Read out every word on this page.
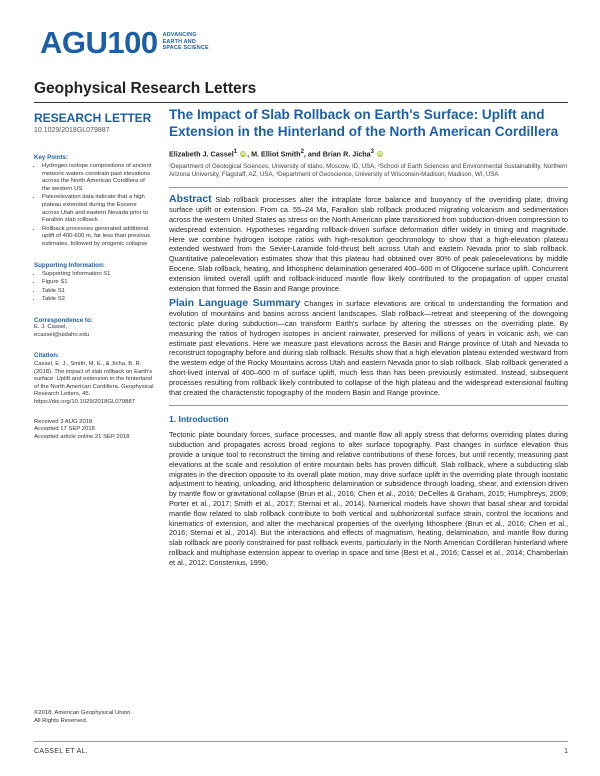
AGU100 ADVANCING
EARTH AND
SPACE SCIENCE
Geophysical Research Letters
RESEARCH LETTER
10.1029/2018GL079887
Key Points:
• Hydrogen isotope compositions of ancient meteoric waters constrain past elevations across the North American Cordillera of the western US
• Paleoelevation data indicate that a high plateau extended during the Eocene across Utah and eastern Nevada prior to Farallon slab rollback
• Rollback processes generated additional uplift of 400-600 m, far less than previous estimates, followed by orogenic collapse
Supporting Information:
• Supporting Information S1
• Figure S1
• Table S1
• Table S2
Correspondence to:
E. J. Cassel,
ecassel@uidaho.edu
Citation:
Cassel, E. J., Smith, M. E., & Jicha, B. R. (2018). The impact of slab rollback on Earth's surface: Uplift and extension in the hinterland of the North American Cordillera. Geophysical Research Letters, 45. https://doi.org/10.1029/2018GL079887
Received 3 AUG 2018
Accepted 17 SEP 2018
Accepted article online 21 SEP 2018
©2018. American Geophysical Union.
All Rights Reserved.
The Impact of Slab Rollback on Earth's Surface: Uplift and Extension in the Hinterland of the North American Cordillera
Elizabeth J. Cassel$^1$ iD , M. Elliot Smith$^2$, and Brian R. Jicha$^3$ iD
¹Department of Geological Sciences, University of Idaho, Moscow, ID, USA, ²School of Earth Sciences and Environmental Sustainability, Northern Arizona University, Flagstaff, AZ, USA, ³Department of Geoscience, University of Wisconsin-Madison, Madison, WI, USA
Abstract Slab rollback processes alter the intraplate force balance and buoyancy of the overriding plate, driving surface uplift or extension. From ca. 55–24 Ma, Farallon slab rollback produced migrating volcanism and sedimentation across the western United States as stress on the North American plate transitioned from subduction-driven compression to widespread extension. Hypotheses regarding rollback-driven surface deformation differ widely in timing and magnitude. Here we combine hydrogen isotope ratios with high-resolution geochronology to show that a high-elevation plateau extended westward from the Sevier-Laramide fold-thrust belt across Utah and eastern Nevada prior to slab rollback. Quantitative paleoelevation estimates show that this plateau had obtained over 80% of peak paleoelevations by middle Eocene. Slab rollback, heating, and lithospheric delamination generated 400–600 m of Oligocene surface uplift. Concurrent extension limited overall uplift and rollback-induced mantle flow likely contributed to the propagation of upper crustal extension that formed the Basin and Range province.
Plain Language Summary Changes in surface elevations are critical to understanding the formation and evolution of mountains and basins across ancient landscapes. Slab rollback—retreat and steepening of the downgoing tectonic plate during subduction—can transform Earth's surface by altering the stresses on the overriding plate. By measuring the ratios of hydrogen isotopes in ancient rainwater, preserved for millions of years in volcanic ash, we can estimate past elevations. Here we measure past elevations across the Basin and Range province of Utah and Nevada to reconstruct topography before and during slab rollback. Results show that a high elevation plateau extended westward from the western edge of the Rocky Mountains across Utah and eastern Nevada prior to slab rollback. Slab rollback generated a short-lived interval of 400–600 m of surface uplift, much less than has been previously estimated. Instead, subsequent processes resulting from rollback likely contributed to collapse of the high plateau and the widespread extensional faulting that created the characteristic topography of the modern Basin and Range province.
1. Introduction
Tectonic plate boundary forces, surface processes, and mantle flow all apply stress that deforms overriding plates during subduction and propagates across broad regions to alter surface topography. Past changes in surface elevation thus provide a unique tool to reconstruct the timing and relative contributions of these forces, but until recently, measuring past elevations at the scale and resolution of entire mountain belts has proven difficult. Slab rollback, where a subducting slab migrates in the direction opposite to its overall plate motion, may drive surface uplift in the overriding plate through isostatic adjustment to heating, unloading, and lithospheric delamination or subsidence through loading, shear, and extension driven by mantle flow or gravitational collapse (Brun et al., 2016; Chen et al., 2016; DeCelles & Graham, 2015; Humphreys, 2009; Porter et al., 2017; Smith et al., 2017; Sternai et al., 2014). Numerical models have shown that basal shear and toroidal mantle flow related to slab rollback contribute to both vertical and subhorizontal surface strain, control the locations and kinematics of extension, and alter the mechanical properties of the overlying lithosphere (Brun et al., 2016; Chen et al., 2016; Sternai et al., 2014). But the interactions and effects of magmatism, heating, delamination, and mantle flow during slab rollback are poorly constrained for past rollback events, particularly in the North American Cordilleran hinterland where rollback and multiphase extension appear to overlap in space and time (Best et al., 2016; Cassel et al., 2014; Chamberlain et al., 2012; Constenius, 1996;
CASSEL ET AL.	1
